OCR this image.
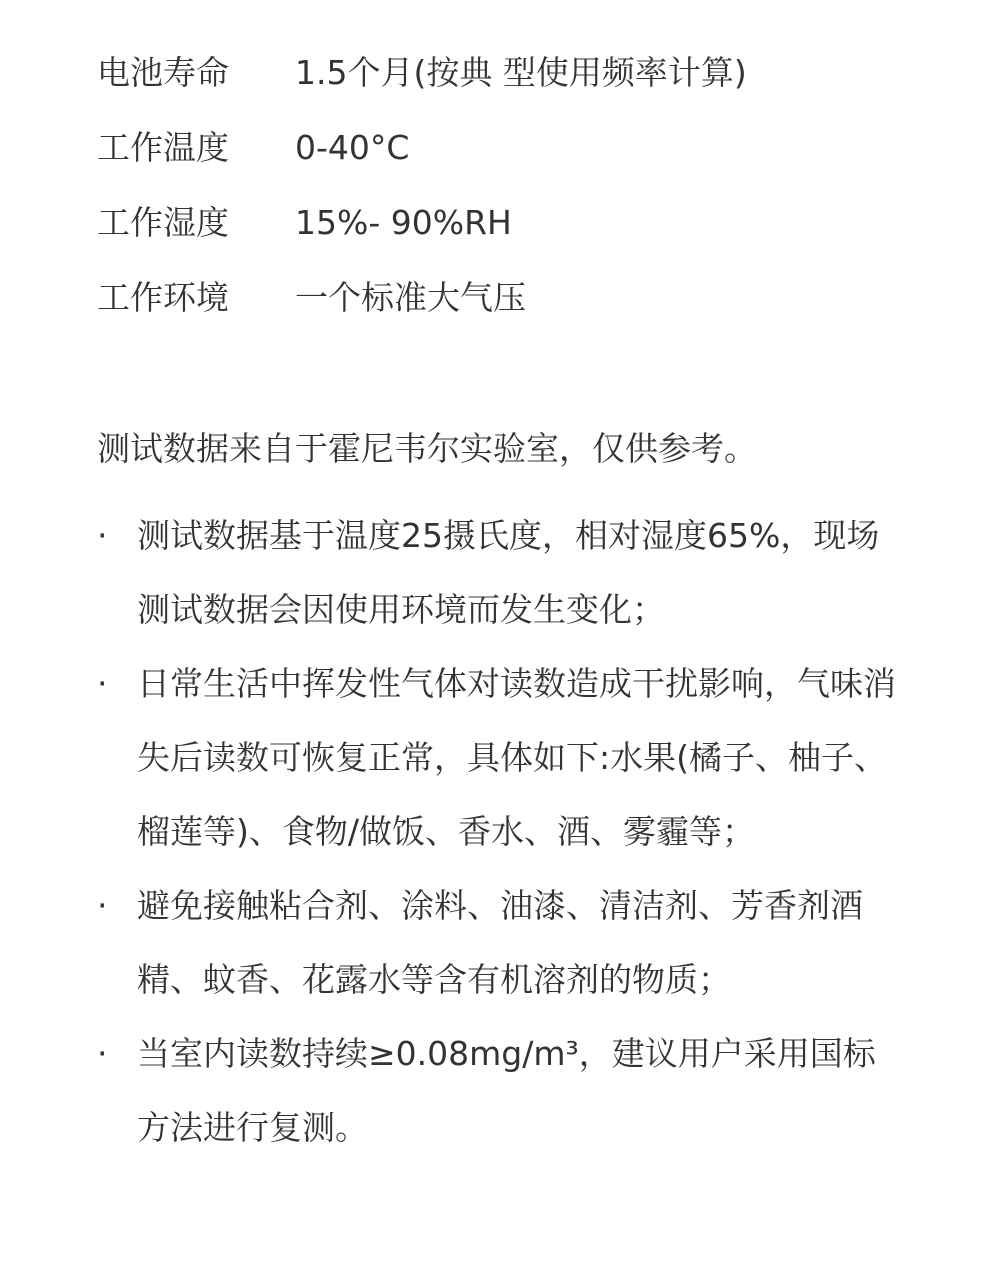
电池寿命 1.5个月(按典 型使用频率计算)
工作温度 0-40°C
工作湿度 15%- 90%RH
工作环境 一个标准大气压
测试数据来自于霍尼韦尔实验室，仅供参考。
· 测试数据基于温度25摄氏度，相对湿度65%，现场测试数据会因使用环境而发生变化；
· 日常生活中挥发性气体对读数造成干扰影响，气味消失后读数可恢复正常，具体如下:水果(橘子、柚子、榴莲等)、食物/做饭、香水、酒、雾霾等；
· 避免接触粘合剂、涂料、油漆、清洁剂、芳香剂酒精、蚊香、花露水等含有机溶剂的物质；
· 当室内读数持续≥0.08mg/m³，建议用户采用国标方法进行复测。
